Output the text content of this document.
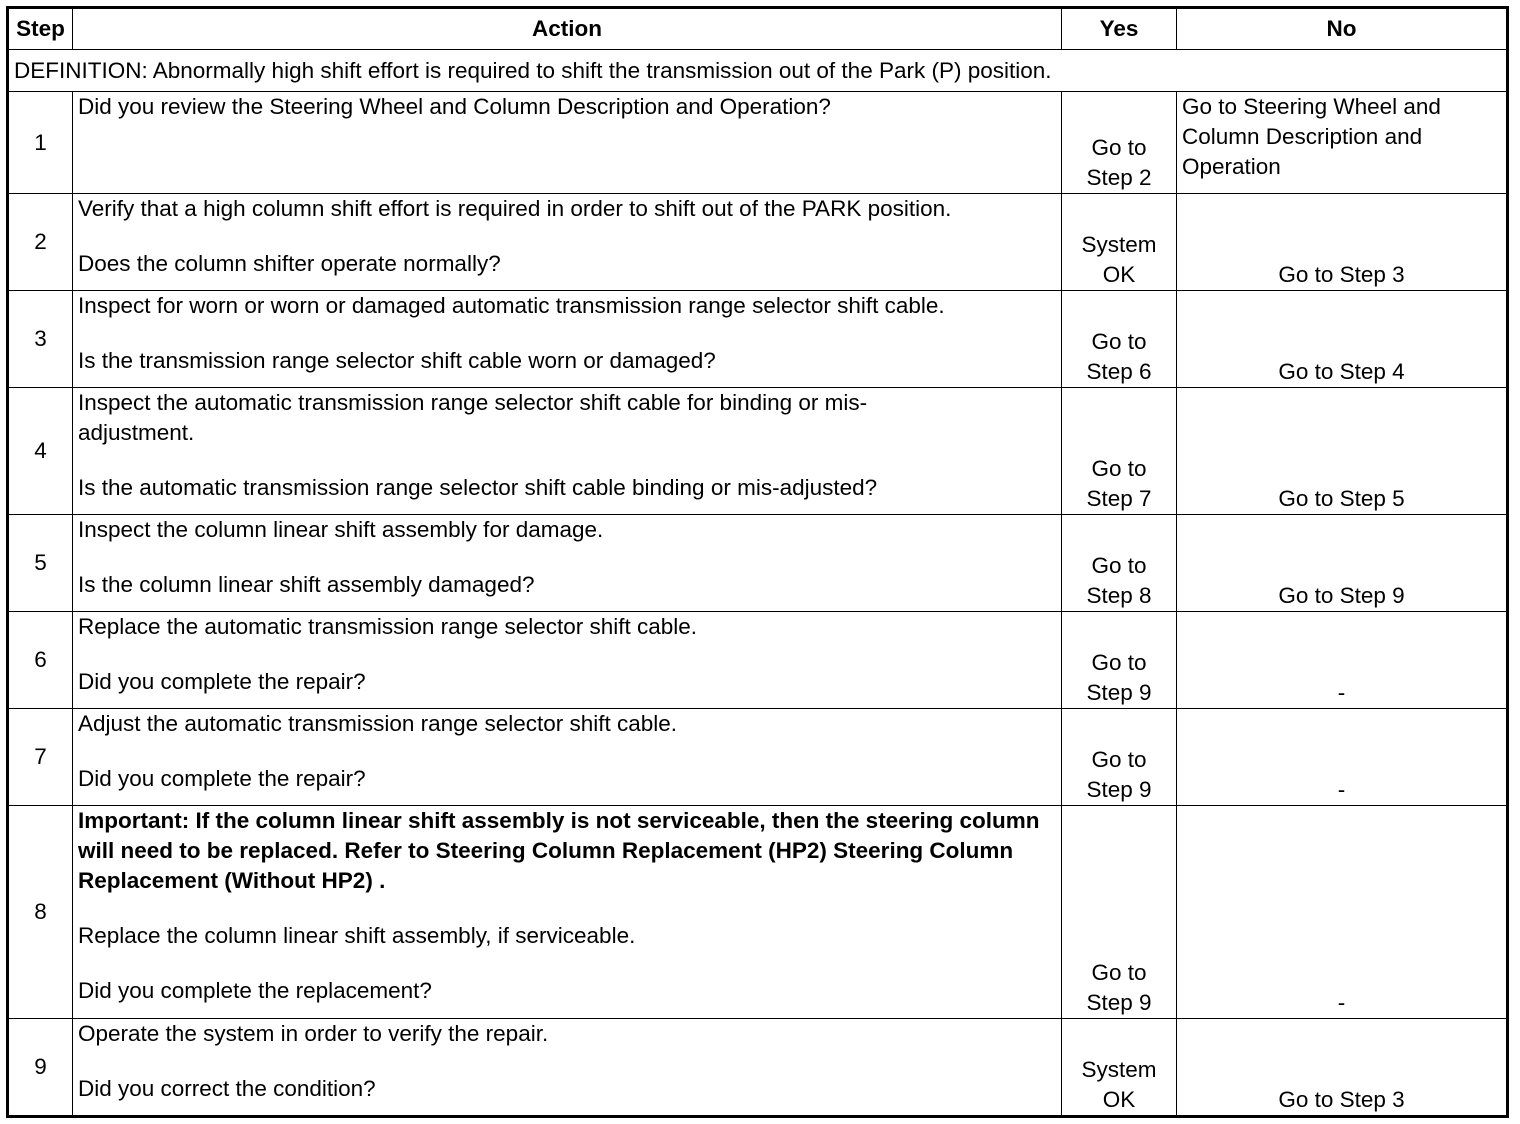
Step	Action	Yes	No
DEFINITION: Abnormally high shift effort is required to shift the transmission out of the Park (P) position.			
1	Did you review the Steering Wheel and Column Description and Operation?	Go to
Step 2	Go to Steering Wheel and
Column Description and
Operation

2	Verify that a high column shift effort is required in order to shift out of the PARK position.
Does the column shifter operate normally?	System
OK	Go to Step 3

3	Inspect for worn or worn or damaged automatic transmission range selector shift cable.
Is the transmission range selector shift cable worn or damaged?	Go to
Step 6	Go to Step 4

4	Inspect the automatic transmission range selector shift cable for binding or mis-adjustment.
Is the automatic transmission range selector shift cable binding or mis-adjusted?	Go to
Step 7	Go to Step 5

5	Inspect the column linear shift assembly for damage.
Is the column linear shift assembly damaged?	Go to
Step 8	Go to Step 9

6	Replace the automatic transmission range selector shift cable.
Did you complete the repair?	Go to
Step 9	-

7	Adjust the automatic transmission range selector shift cable.
Did you complete the repair?	Go to
Step 9	-

8	Important: If the column linear shift assembly is not serviceable, then the steering column will need to be replaced. Refer to Steering Column Replacement (HP2) Steering Column Replacement (Without HP2) .
Replace the column linear shift assembly, if serviceable.
Did you complete the replacement?	Go to
Step 9	-

9	Operate the system in order to verify the repair.
Did you correct the condition?	System
OK	Go to Step 3
